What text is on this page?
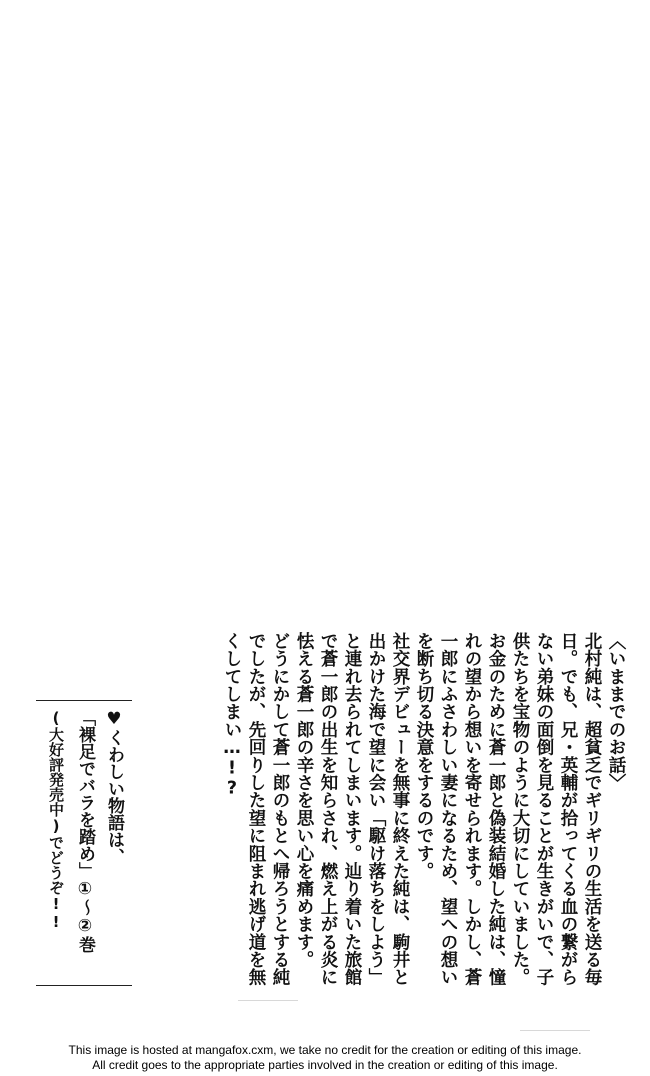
〈いままでのお話〉
北村純は、超貧乏でギリギリの生活を送る毎日。でも、兄・英輔が拾ってくる血の繋がらない弟妹の面倒を見ることが生きがいで、子供たちを宝物のように大切にしていました。
お金のために蒼一郎と偽装結婚した純は、憧れの望から想いを寄せられます。しかし、蒼一郎にふさわしい妻になるため、望への想いを断ち切る決意をするのです。
社交界デビューを無事に終えた純は、駒井と出かけた海で望に会い「駆け落ちをしよう」と連れ去られてしまいます。辿り着いた旅館で蒼一郎の出生を知らされ、燃え上がる炎に怯える蒼一郎の辛さを思い心を痛めます。
どうにかして蒼一郎のもとへ帰ろうとする純でしたが、先回りした望に阻まれ逃げ道を無くしてしまい…!?
♥くわしい物語は、
「裸足でバラを踏め」①〜②巻
(大好評発売中)でどうぞ!!
This image is hosted at mangafox.cxm, we take no credit for the creation or editing of this image.
All credit goes to the appropriate parties involved in the creation or editing of this image.
